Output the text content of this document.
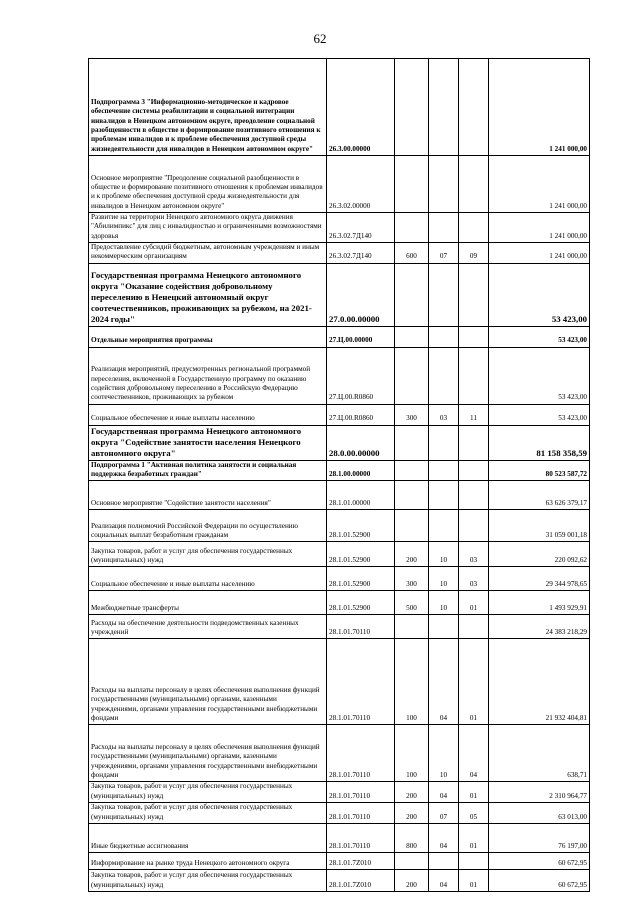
62
Подпрограмма 3 "Информационно-методическое и кадровое обеспечение системы реабилитации и социальной интеграции инвалидов в Ненецком автономном округе, преодоление социальной разобщенности в обществе и формирование позитивного отношения к проблемам инвалидов и к проблеме обеспечения доступной среды жизнедеятельности для инвалидов в Ненецком автономном округе"	26.3.00.00000				1 241 000,00
Основное мероприятие "Преодоление социальной разобщенности в обществе и формирование позитивного отношения к проблемам инвалидов и к проблеме обеспечения доступной среды жизнедеятельности для инвалидов в Ненецком автономном округе"	26.3.02.00000				1 241 000,00
Развитие на территории Ненецкого автономного округа движения "Абилимпикс" для лиц с инвалидностью и ограниченными возможностями здоровья	26.3.02.7Д140				1 241 000,00
Предоставление субсидий бюджетным, автономным учреждениям и иным некоммерческим организациям	26.3.02.7Д140	600	07	09	1 241 000,00
Государственная программа Ненецкого автономного округа "Оказание содействия добровольному переселению в Ненецкий автономный округ соотечественников, проживающих за рубежом, на 2021-2024 годы"	27.0.00.00000				53 423,00
Отдельные мероприятия программы	27.Ц.00.00000				53 423,00
Реализация мероприятий, предусмотренных региональной программой переселения, включенной в Государственную программу по оказанию содействия добровольному переселению в Российскую Федерацию соотечественников, проживающих за рубежом	27.Ц.00.R0860				53 423,00
Социальное обеспечение и иные выплаты населению	27.Ц.00.R0860	300	03	11	53 423,00
Государственная программа Ненецкого автономного округа "Содействие занятости населения Ненецкого автономного округа"	28.0.00.00000				81 158 358,59
Подпрограмма 1 "Активная политика занятости и социальная поддержка безработных граждан"	28.1.00.00000				80 523 587,72
Основное мероприятие "Содействие занятости населения"	28.1.01.00000				63 626 379,17
Реализация полномочий Российской Федерации по осуществлению социальных выплат безработным гражданам	28.1.01.52900				31 059 001,18
Закупка товаров, работ и услуг для обеспечения государственных (муниципальных) нужд	28.1.01.52900	200	10	03	220 092,62
Социальное обеспечение и иные выплаты населению	28.1.01.52900	300	10	03	29 344 978,65
Межбюджетные трансферты	28.1.01.52900	500	10	01	1 493 929,91
Расходы на обеспечение деятельности подведомственных казенных учреждений	28.1.01.70110				24 383 218,29
Расходы на выплаты персоналу в целях обеспечения выполнения функций государственными (муниципальными) органами, казенными учреждениями, органами управления государственными внебюджетными фондами	28.1.01.70110	100	04	01	21 932 404,81
Расходы на выплаты персоналу в целях обеспечения выполнения функций государственными (муниципальными) органами, казенными учреждениями, органами управления государственными внебюджетными фондами	28.1.01.70110	100	10	04	638,71
Закупка товаров, работ и услуг для обеспечения государственных (муниципальных) нужд	28.1.01.70110	200	04	01	2 310 964,77
Закупка товаров, работ и услуг для обеспечения государственных (муниципальных) нужд	28.1.01.70110	200	07	05	63 013,00
Иные бюджетные ассигнования	28.1.01.70110	800	04	01	76 197,00
Информирование на рынке труда Ненецкого автономного округа	28.1.01.7Z010				60 672,95
Закупка товаров, работ и услуг для обеспечения государственных (муниципальных) нужд	28.1.01.7Z010	200	04	01	60 672,95
